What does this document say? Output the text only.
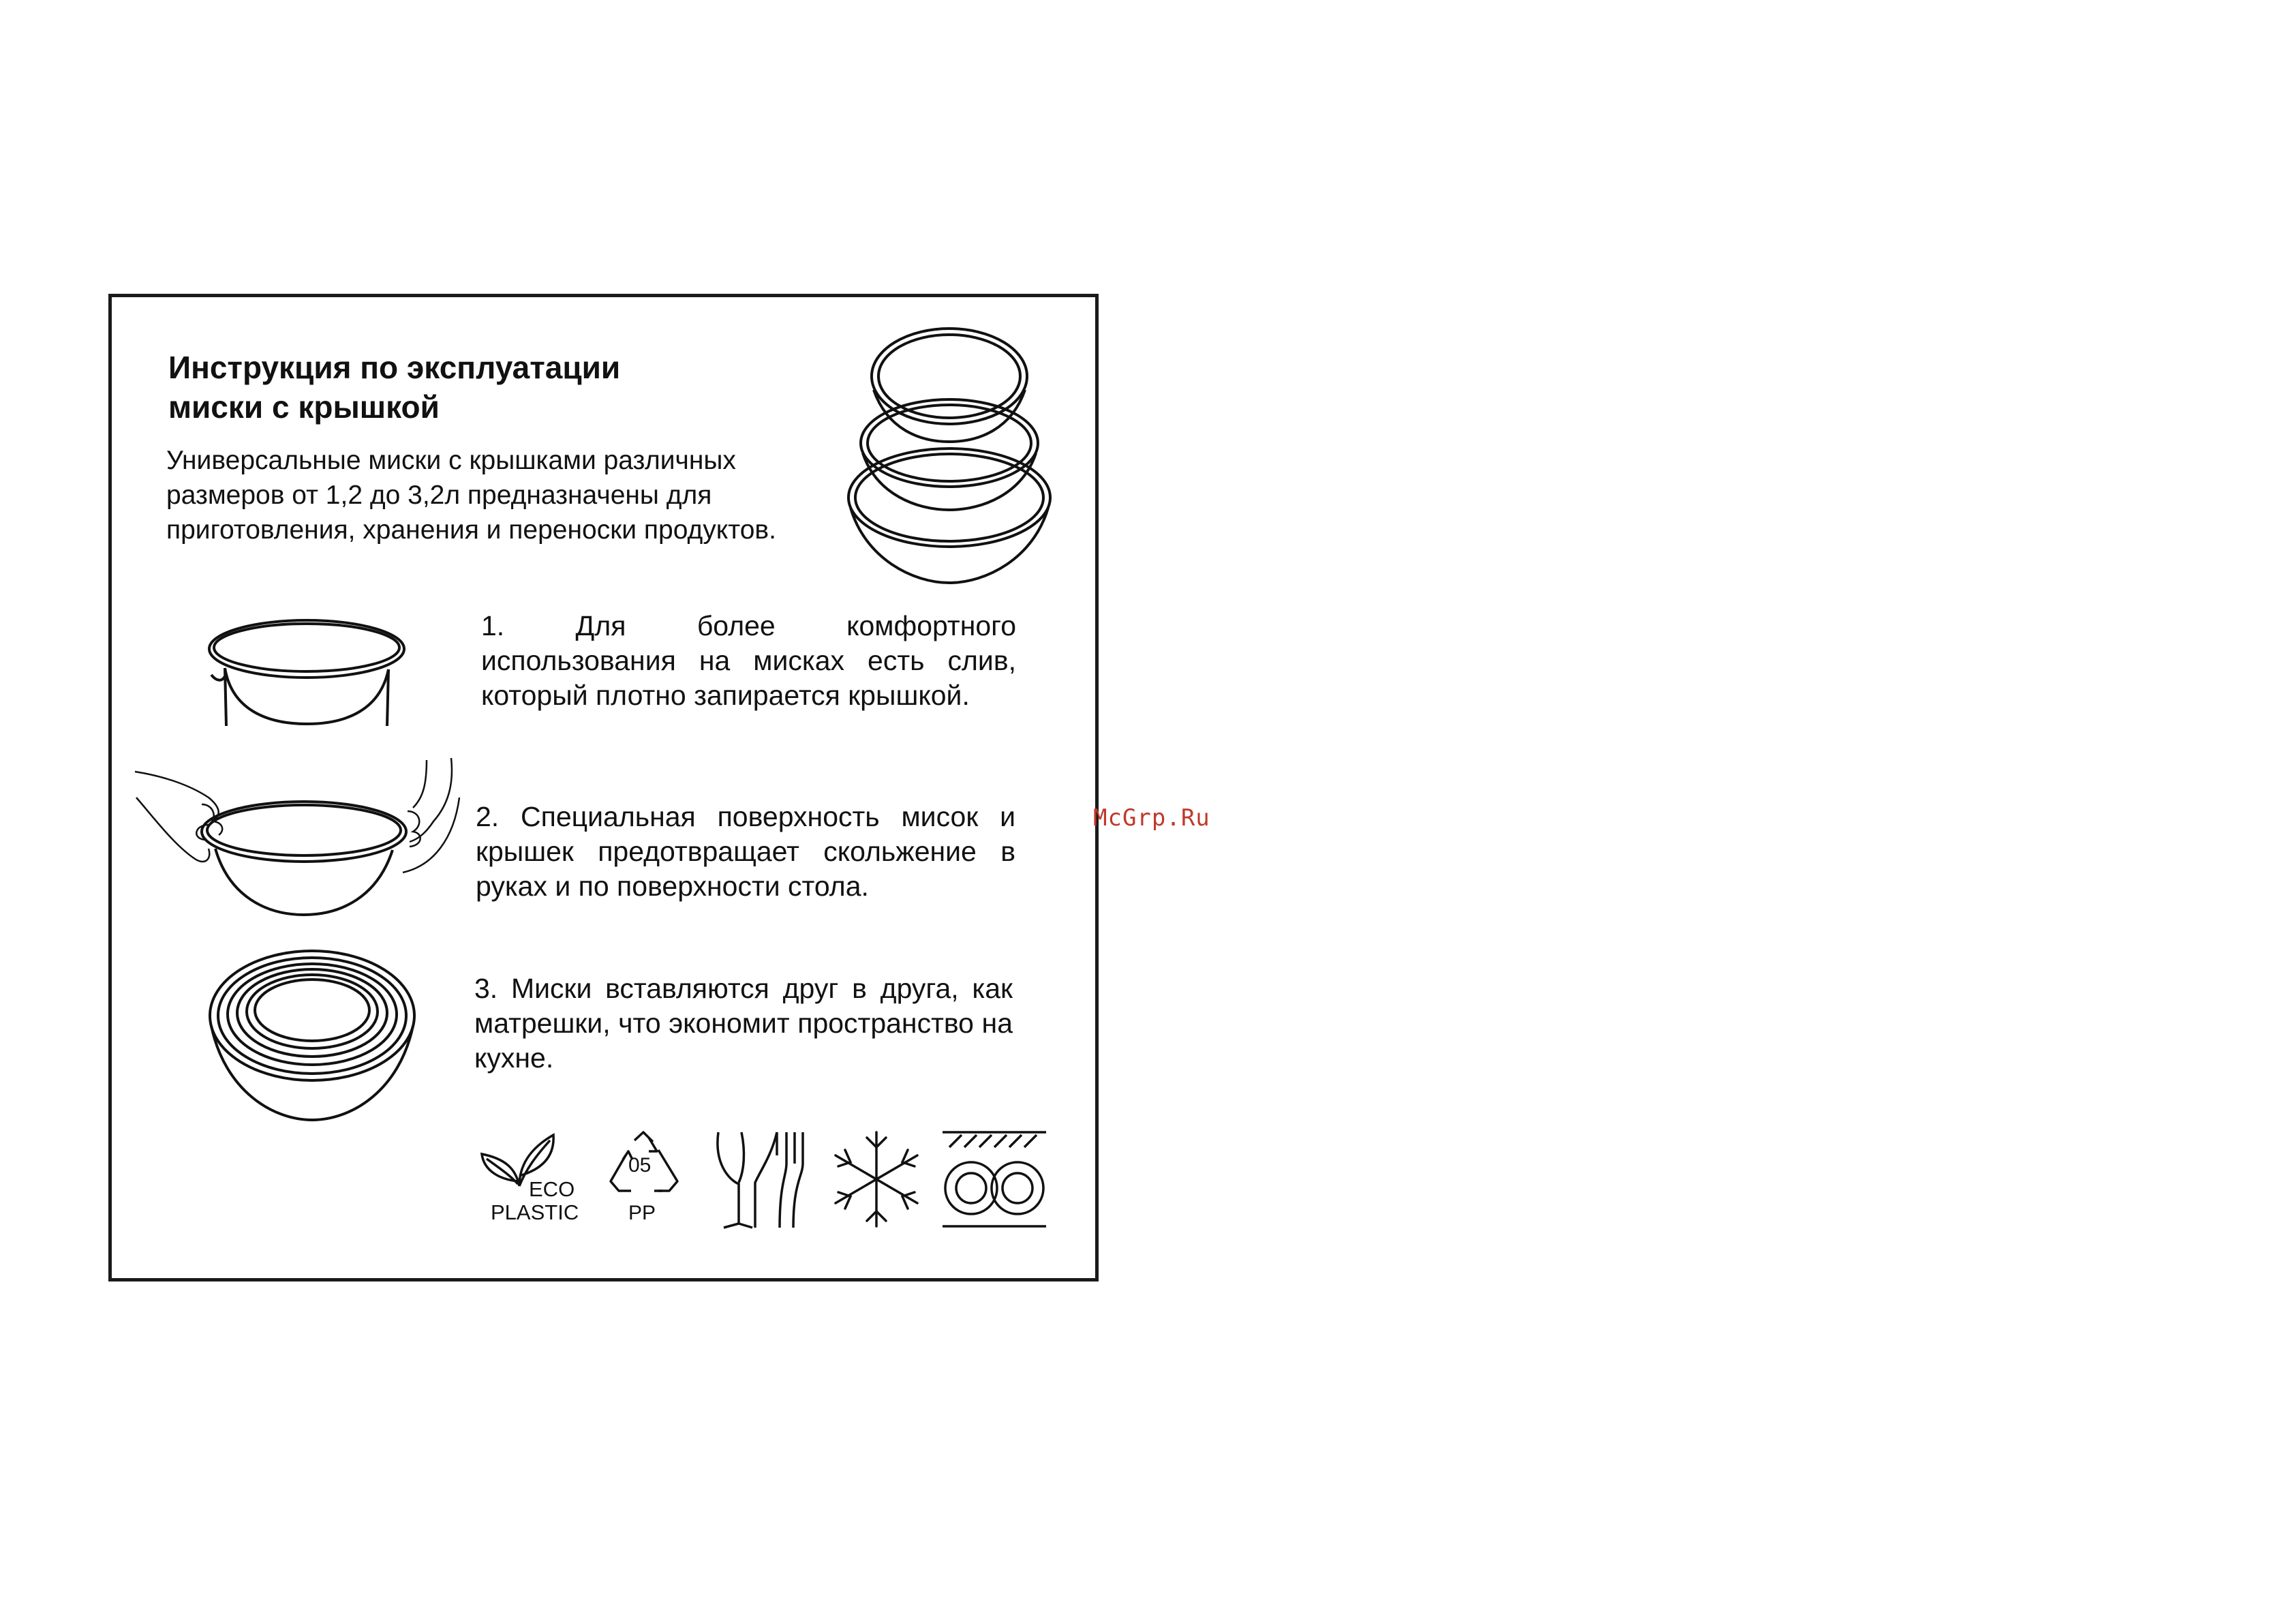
Инструкция по эксплуатации
миски с крышкой

Универсальные миски с крышками различных размеров от 1,2 до 3,2л предназначены для приготовления, хранения и переноски продуктов.

1. Для более комфортного использования на мисках есть слив, который плотно запирается крышкой.

2. Специальная поверхность мисок и крышек предотвращает скольжение в руках и по поверхности стола.

3. Миски вставляются друг в друга, как матрешки, что экономит пространство на кухне.

McGrp.Ru
ECO
PLASTIC
05
PP
